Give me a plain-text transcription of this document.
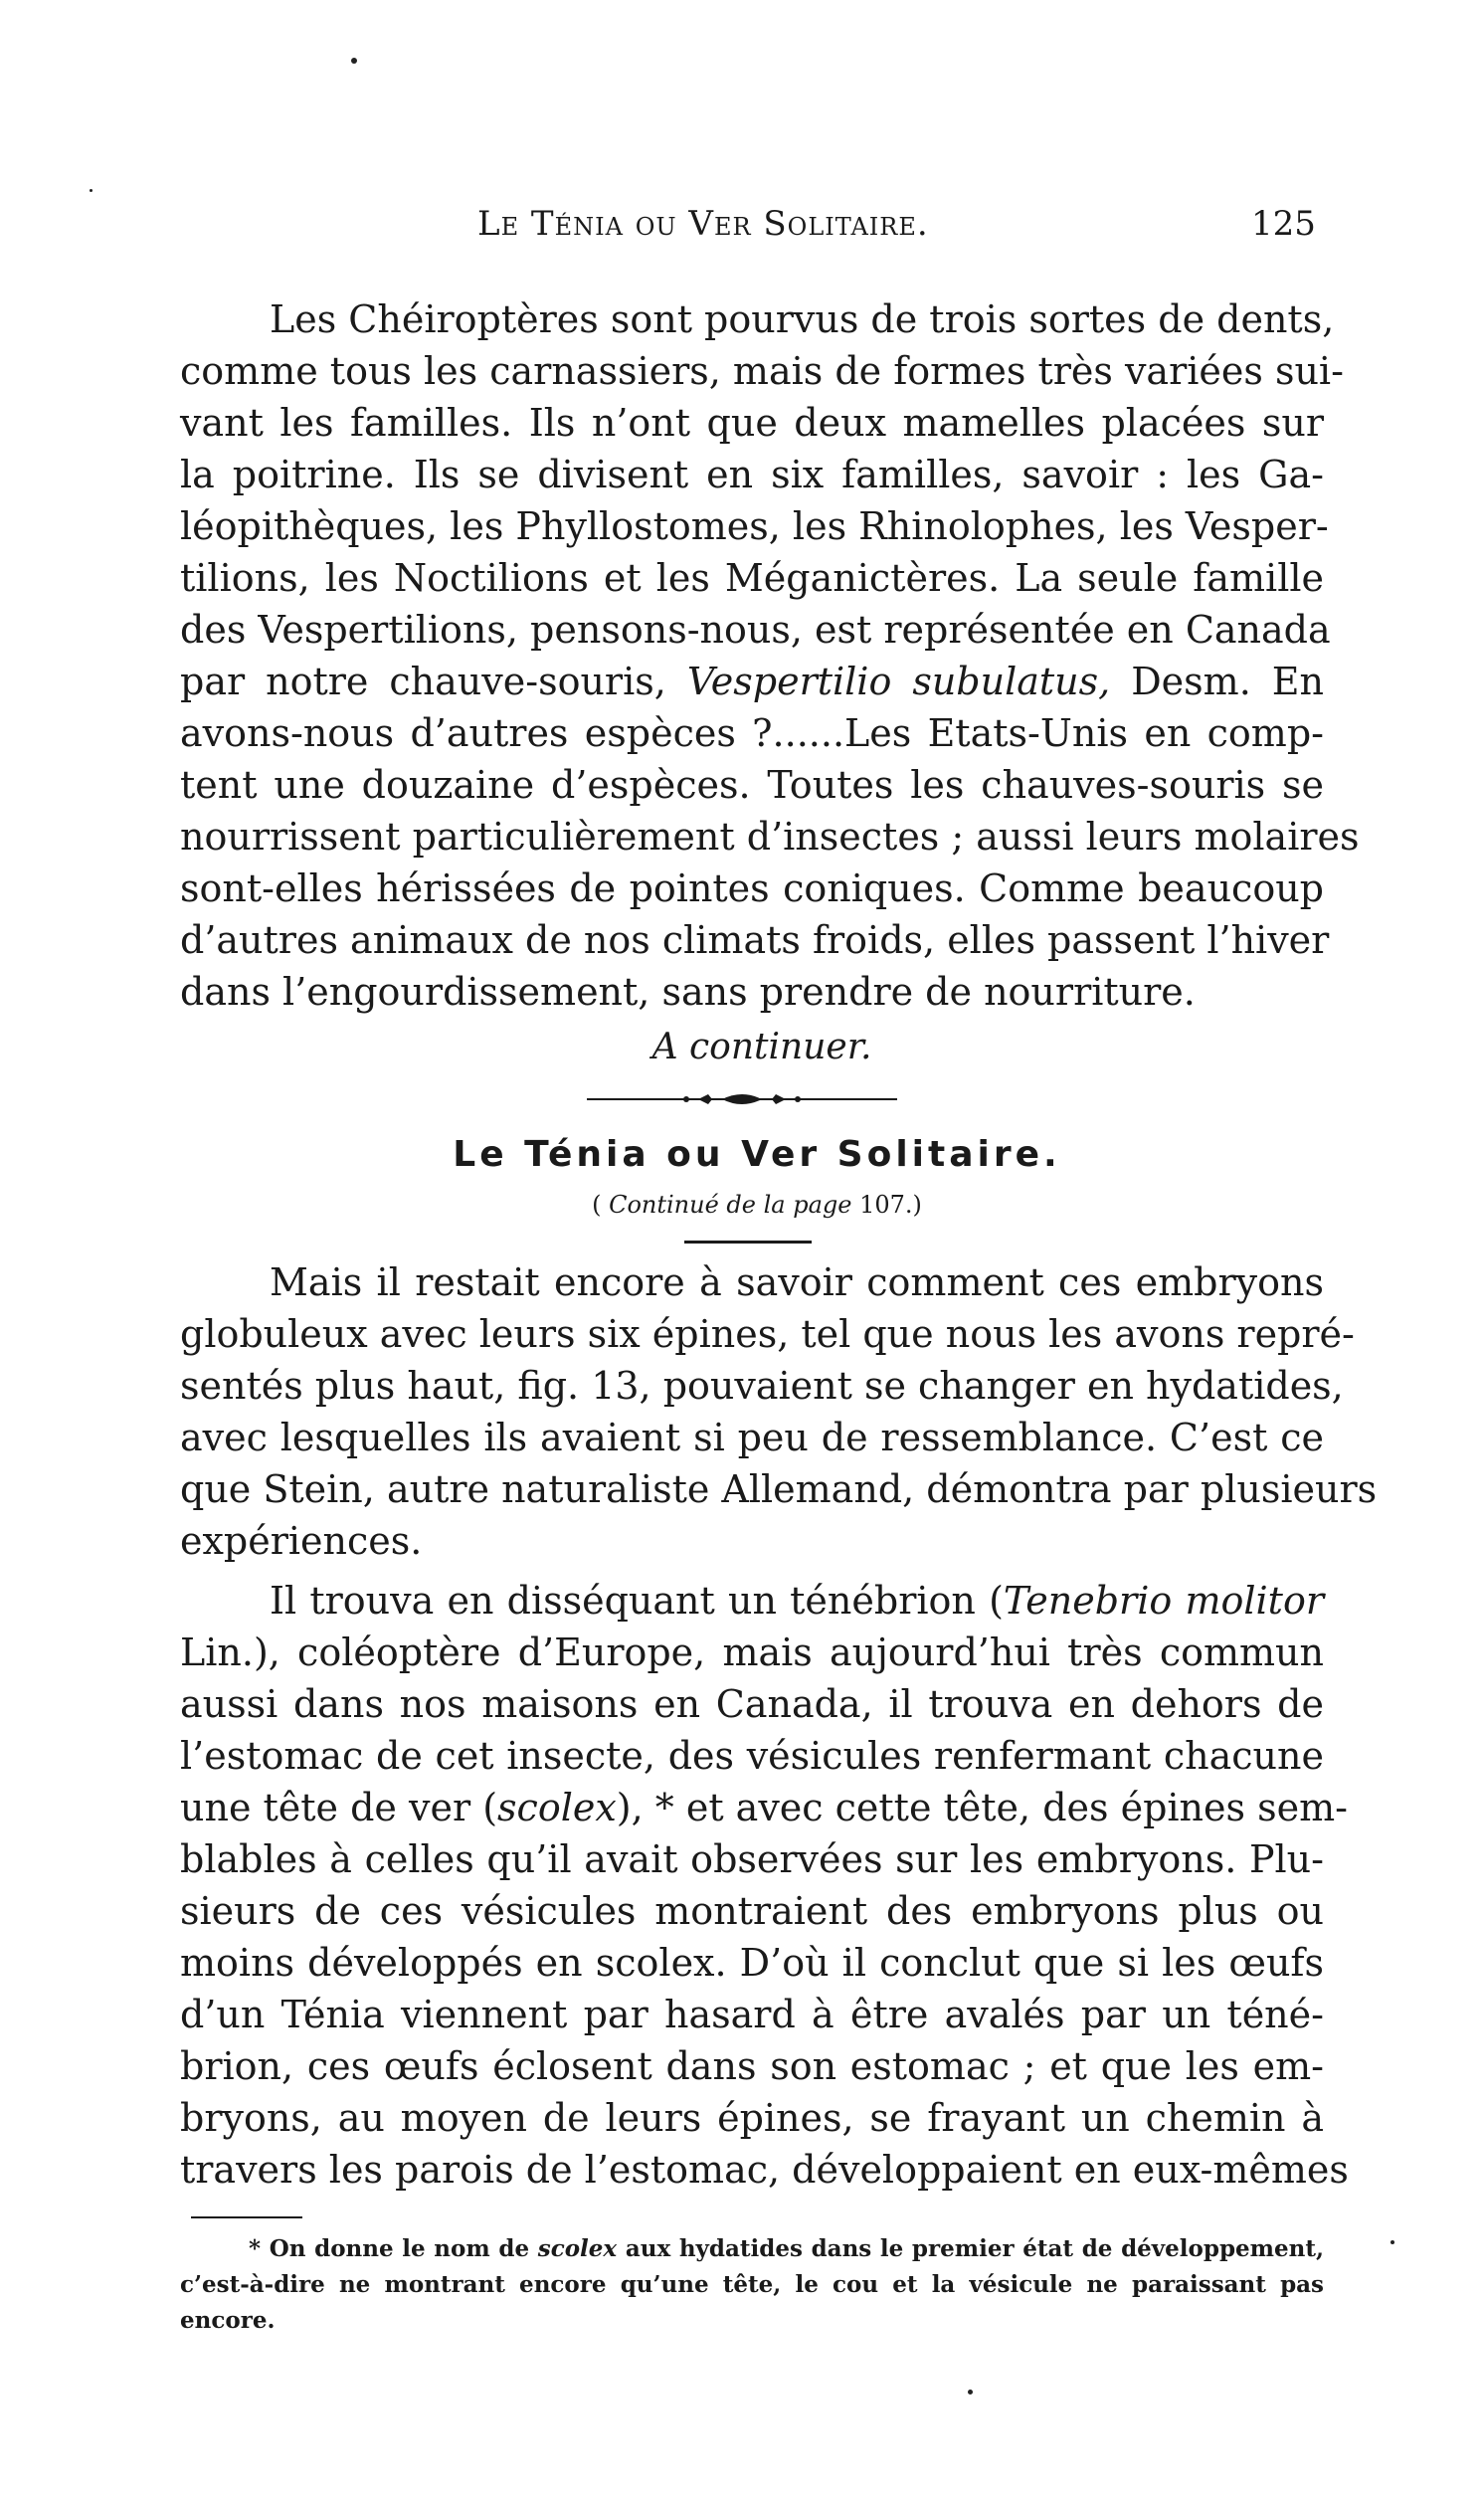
Le Ténia ou Ver Solitaire.	125
Les Chéiroptères sont pourvus de trois sortes de dents,
comme tous les carnassiers, mais de formes très variées sui-
vant les familles. Ils n’ont que deux mamelles placées sur
la poitrine. Ils se divisent en six familles, savoir : les Ga-
léopithèques, les Phyllostomes, les Rhinolophes, les Vesper-
tilions, les Noctilions et les Méganictères. La seule famille
des Vespertilions, pensons-nous, est représentée en Canada
par notre chauve-souris, Vespertilio subulatus, Desm. En
avons-nous d’autres espèces ?......Les Etats-Unis en comp-
tent une douzaine d’espèces. Toutes les chauves-souris se
nourrissent particulièrement d’insectes ; aussi leurs molaires
sont-elles hérissées de pointes coniques. Comme beaucoup
d’autres animaux de nos climats froids, elles passent l’hiver
dans l’engourdissement, sans prendre de nourriture.
A continuer.
Le Ténia ou Ver Solitaire.
( Continué de la page 107.)
Mais il restait encore à savoir comment ces embryons
globuleux avec leurs six épines, tel que nous les avons repré-
sentés plus haut, fig. 13, pouvaient se changer en hydatides,
avec lesquelles ils avaient si peu de ressemblance. C’est ce
que Stein, autre naturaliste Allemand, démontra par plusieurs
expériences.
Il trouva en disséquant un ténébrion (Tenebrio molitor
Lin.), coléoptère d’Europe, mais aujourd’hui très commun
aussi dans nos maisons en Canada, il trouva en dehors de
l’estomac de cet insecte, des vésicules renfermant chacune
une tête de ver (scolex), * et avec cette tête, des épines sem-
blables à celles qu’il avait observées sur les embryons. Plu-
sieurs de ces vésicules montraient des embryons plus ou
moins développés en scolex. D’où il conclut que si les œufs
d’un Ténia viennent par hasard à être avalés par un téné-
brion, ces œufs éclosent dans son estomac ; et que les em-
bryons, au moyen de leurs épines, se frayant un chemin à
travers les parois de l’estomac, développaient en eux-mêmes
* On donne le nom de scolex aux hydatides dans le premier état de développement,
c’est-à-dire ne montrant encore qu’une tête, le cou et la vésicule ne paraissant pas
encore.
